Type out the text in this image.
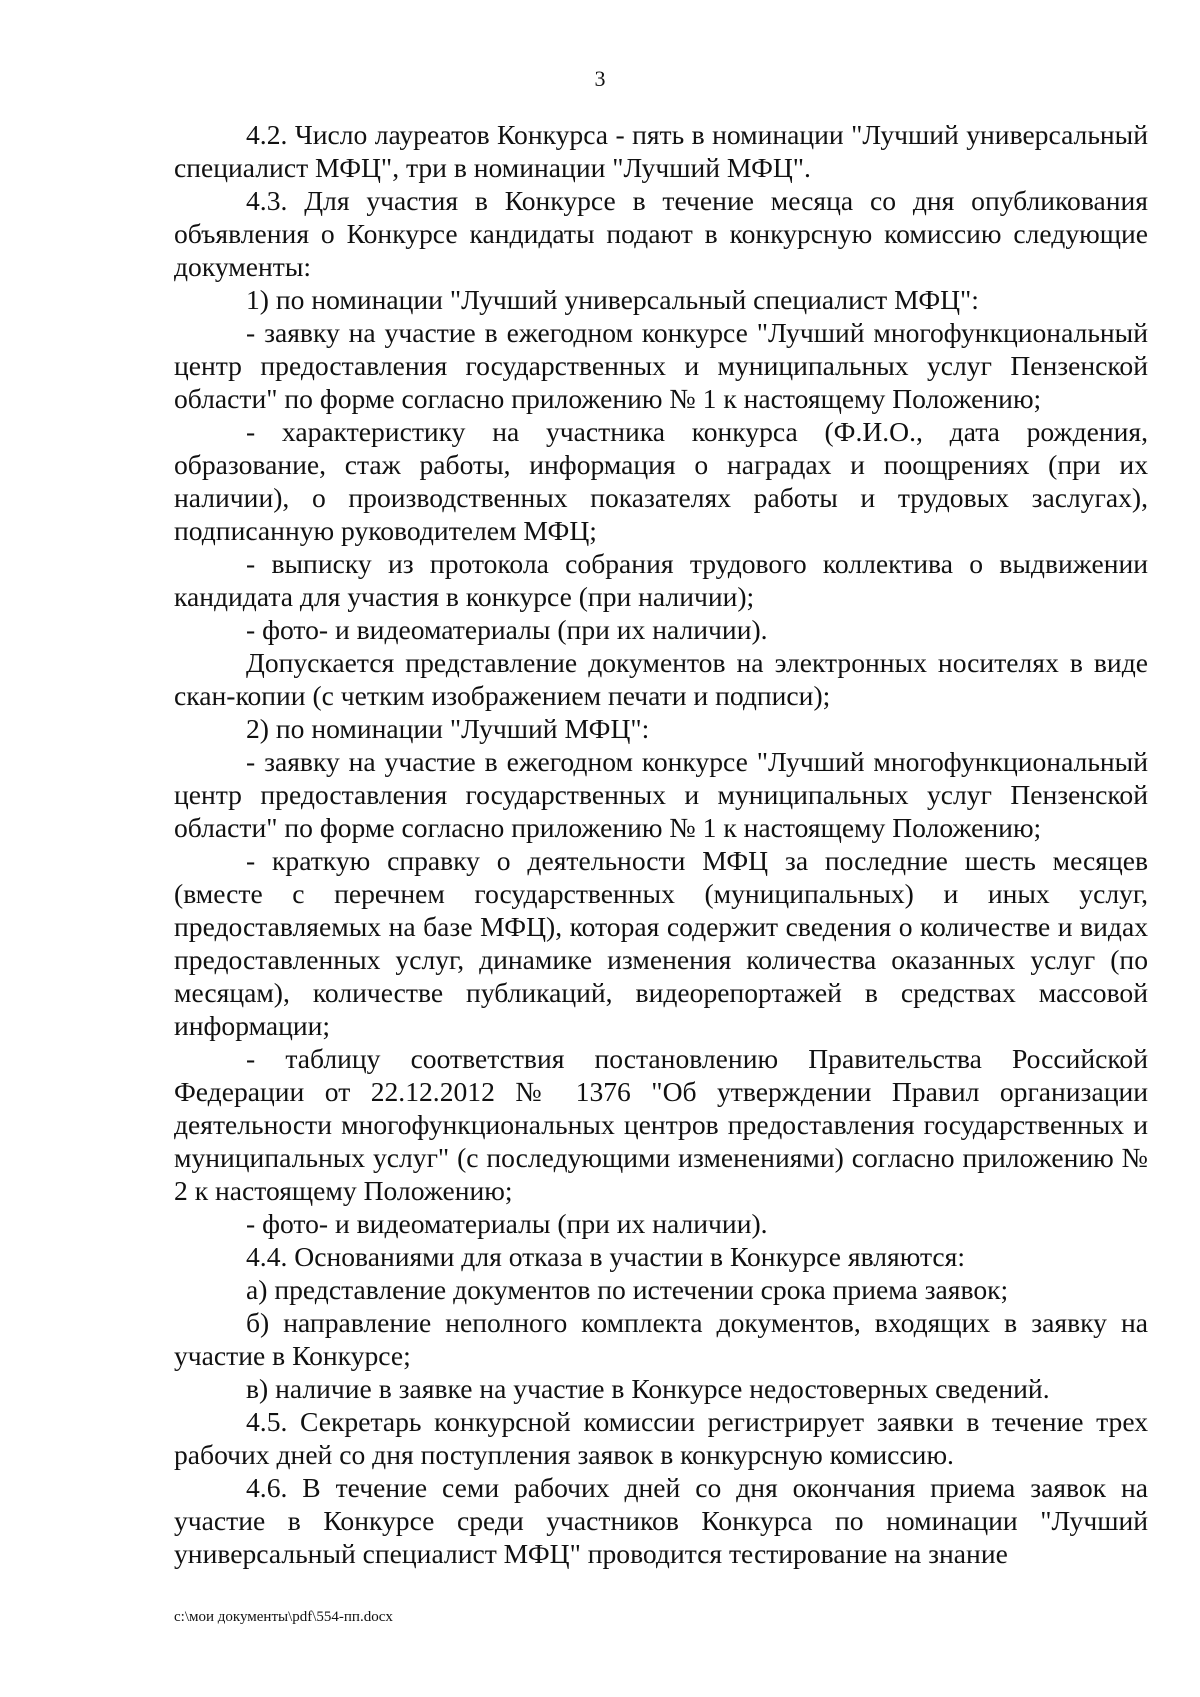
3

4.2. Число лауреатов Конкурса - пять в номинации "Лучший универсальный специалист МФЦ", три в номинации "Лучший МФЦ".

4.3. Для участия в Конкурсе в течение месяца со дня опубликования объявления о Конкурсе кандидаты подают в конкурсную комиссию следующие документы:

1) по номинации "Лучший универсальный специалист МФЦ":

- заявку на участие в ежегодном конкурсе "Лучший многофункциональный центр предоставления государственных и муниципальных услуг Пензенской области" по форме согласно приложению № 1 к настоящему Положению;

- характеристику на участника конкурса (Ф.И.О., дата рождения, образование, стаж работы, информация о наградах и поощрениях (при их наличии), о производственных показателях работы и трудовых заслугах), подписанную руководителем МФЦ;

- выписку из протокола собрания трудового коллектива о выдвижении кандидата для участия в конкурсе (при наличии);

- фото- и видеоматериалы (при их наличии).

Допускается представление документов на электронных носителях в виде скан-копии (с четким изображением печати и подписи);

2) по номинации "Лучший МФЦ":

- заявку на участие в ежегодном конкурсе "Лучший многофункциональный центр предоставления государственных и муниципальных услуг Пензенской области" по форме согласно приложению № 1 к настоящему Положению;

- краткую справку о деятельности МФЦ за последние шесть месяцев (вместе с перечнем государственных (муниципальных) и иных услуг, предоставляемых на базе МФЦ), которая содержит сведения о количестве и видах предоставленных услуг, динамике изменения количества оказанных услуг (по месяцам), количестве публикаций, видеорепортажей в средствах массовой информации;

- таблицу соответствия постановлению Правительства Российской Федерации от 22.12.2012 № 1376 "Об утверждении Правил организации деятельности многофункциональных центров предоставления государственных и муниципальных услуг" (с последующими изменениями) согласно приложению № 2 к настоящему Положению;

- фото- и видеоматериалы (при их наличии).

4.4. Основаниями для отказа в участии в Конкурсе являются:

а) представление документов по истечении срока приема заявок;

б) направление неполного комплекта документов, входящих в заявку на участие в Конкурсе;

в) наличие в заявке на участие в Конкурсе недостоверных сведений.

4.5. Секретарь конкурсной комиссии регистрирует заявки в течение трех рабочих дней со дня поступления заявок в конкурсную комиссию.

4.6. В течение семи рабочих дней со дня окончания приема заявок на участие в Конкурсе среди участников Конкурса по номинации "Лучший универсальный специалист МФЦ" проводится тестирование на знание

c:\мои документы\pdf\554-пп.docx
